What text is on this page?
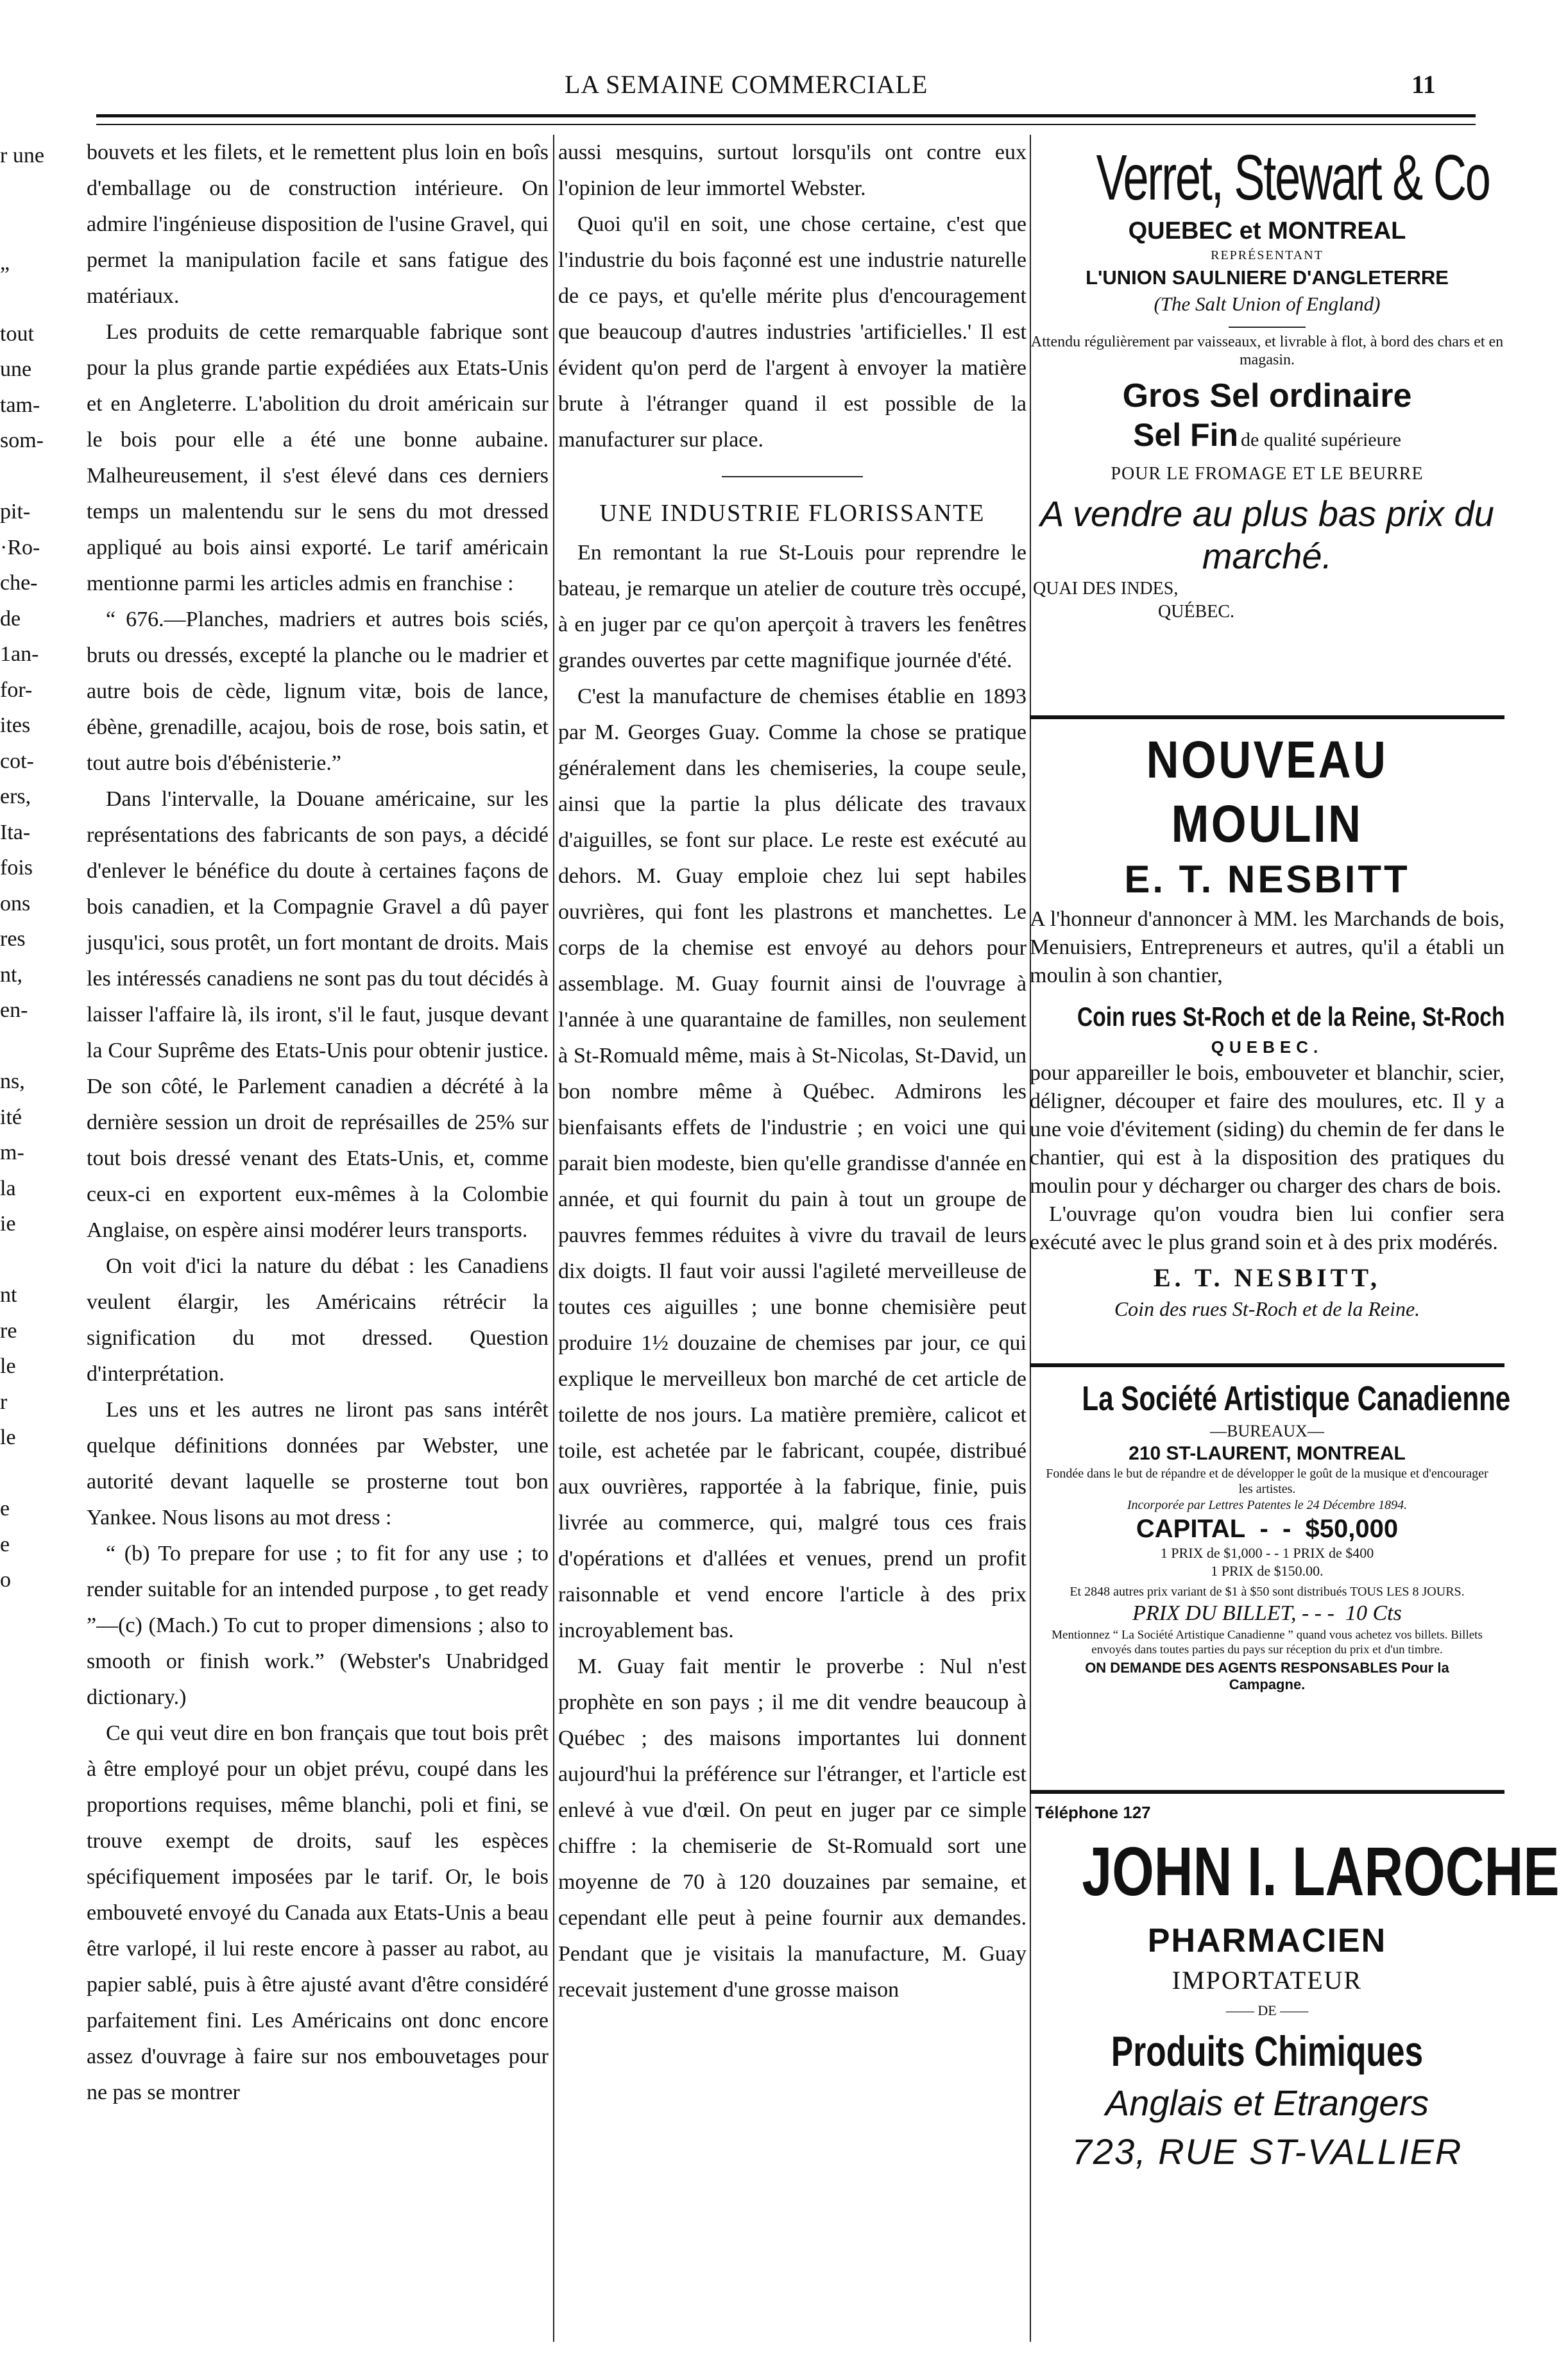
LA SEMAINE COMMERCIALE	11
r une
„
tout
une
tam-
som-
pit-
·Ro-
che-
de
1an-
for-
ites
cot-
ers,
Ita-
fois
ons
res
nt,
en-
ns,
ité
m-
la
ie
nt
re
le
r
le
e
e
o

bouvets et les filets, et le remettent plus loin en boîs d'emballage ou de construction intérieure. On admire l'ingénieuse disposition de l'usine Gravel, qui permet la manipulation facile et sans fatigue des matériaux.

Les produits de cette remarquable fabrique sont pour la plus grande partie expédiées aux Etats-Unis et en Angleterre. L'abolition du droit américain sur le bois pour elle a été une bonne aubaine. Malheureusement, il s'est élevé dans ces derniers temps un malentendu sur le sens du mot dressed appliqué au bois ainsi exporté. Le tarif américain mentionne parmi les articles admis en franchise :

“ 676.—Planches, madriers et autres bois sciés, bruts ou dressés, excepté la planche ou le madrier et autre bois de cède, lignum vitæ, bois de lance, ébène, grenadille, acajou, bois de rose, bois satin, et tout autre bois d'ébénisterie.”

Dans l'intervalle, la Douane américaine, sur les représentations des fabricants de son pays, a décidé d'enlever le bénéfice du doute à certaines façons de bois canadien, et la Compagnie Gravel a dû payer jusqu'ici, sous protêt, un fort montant de droits. Mais les intéressés canadiens ne sont pas du tout décidés à laisser l'affaire là, ils iront, s'il le faut, jusque devant la Cour Suprême des Etats-Unis pour obtenir justice. De son côté, le Parlement canadien a décrété à la dernière session un droit de représailles de 25% sur tout bois dressé venant des Etats-Unis, et, comme ceux-ci en exportent eux-mêmes à la Colombie Anglaise, on espère ainsi modérer leurs transports.

On voit d'ici la nature du débat : les Canadiens veulent élargir, les Américains rétrécir la signification du mot dressed. Question d'interprétation.

Les uns et les autres ne liront pas sans intérêt quelque définitions données par Webster, une autorité devant laquelle se prosterne tout bon Yankee. Nous lisons au mot dress :

“ (b) To prepare for use ; to fit for any use ; to render suitable for an intended purpose , to get ready ”—(c) (Mach.) To cut to proper dimensions ; also to smooth or finish work.” (Webster's Unabridged dictionary.)

Ce qui veut dire en bon français que tout bois prêt à être employé pour un objet prévu, coupé dans les proportions requises, même blanchi, poli et fini, se trouve exempt de droits, sauf les espèces spécifiquement imposées par le tarif. Or, le bois embouveté envoyé du Canada aux Etats-Unis a beau être varlopé, il lui reste encore à passer au rabot, au papier sablé, puis à être ajusté avant d'être considéré parfaitement fini. Les Américains ont donc encore assez d'ouvrage à faire sur nos embouvetages pour ne pas se montrer

aussi mesquins, surtout lorsqu'ils ont contre eux l'opinion de leur immortel Webster.

Quoi qu'il en soit, une chose certaine, c'est que l'industrie du bois façonné est une industrie naturelle de ce pays, et qu'elle mérite plus d'encouragement que beaucoup d'autres industries 'artificielles.' Il est évident qu'on perd de l'argent à envoyer la matière brute à l'étranger quand il est possible de la manufacturer sur place.

UNE INDUSTRIE FLORISSANTE

En remontant la rue St-Louis pour reprendre le bateau, je remarque un atelier de couture très occupé, à en juger par ce qu'on aperçoit à travers les fenêtres grandes ouvertes par cette magnifique journée d'été.

C'est la manufacture de chemises établie en 1893 par M. Georges Guay. Comme la chose se pratique généralement dans les chemiseries, la coupe seule, ainsi que la partie la plus délicate des travaux d'aiguilles, se font sur place. Le reste est exécuté au dehors. M. Guay emploie chez lui sept habiles ouvrières, qui font les plastrons et manchettes. Le corps de la chemise est envoyé au dehors pour assemblage. M. Guay fournit ainsi de l'ouvrage à l'année à une quarantaine de familles, non seulement à St-Romuald même, mais à St-Nicolas, St-David, un bon nombre même à Québec. Admirons les bienfaisants effets de l'industrie ; en voici une qui parait bien modeste, bien qu'elle grandisse d'année en année, et qui fournit du pain à tout un groupe de pauvres femmes réduites à vivre du travail de leurs dix doigts. Il faut voir aussi l'agileté merveilleuse de toutes ces aiguilles ; une bonne chemisière peut produire 1½ douzaine de chemises par jour, ce qui explique le merveilleux bon marché de cet article de toilette de nos jours. La matière première, calicot et toile, est achetée par le fabricant, coupée, distribué aux ouvrières, rapportée à la fabrique, finie, puis livrée au commerce, qui, malgré tous ces frais d'opérations et d'allées et venues, prend un profit raisonnable et vend encore l'article à des prix incroyablement bas.

M. Guay fait mentir le proverbe : Nul n'est prophète en son pays ; il me dit vendre beaucoup à Québec ; des maisons importantes lui donnent aujourd'hui la préférence sur l'étranger, et l'article est enlevé à vue d'œil. On peut en juger par ce simple chiffre : la chemiserie de St-Romuald sort une moyenne de 70 à 120 douzaines par semaine, et cependant elle peut à peine fournir aux demandes. Pendant que je visitais la manufacture, M. Guay recevait justement d'une grosse maison

Verret, Stewart & Co
QUEBEC et MONTREAL
REPRÉSENTANT
L'UNION SAULNIERE D'ANGLETERRE
(The Salt Union of England)
Attendu régulièrement par vaisseaux, et livrable à flot, à bord des chars et en magasin.
Gros Sel ordinaire
Sel Fin de qualité supérieure
POUR LE FROMAGE ET LE BEURRE
A vendre au plus bas prix du marché.
QUAI DES INDES,
QUÉBEC.
NOUVEAU MOULIN
E. T. NESBITT

A l'honneur d'annoncer à MM. les Marchands de bois, Menuisiers, Entrepreneurs et autres, qu'il a établi un moulin à son chantier,

Coin rues St-Roch et de la Reine, St-Roch
QUEBEC.

pour appareiller le bois, embouveter et blanchir, scier, déligner, découper et faire des moulures, etc. Il y a une voie d'évitement (siding) du chemin de fer dans le chantier, qui est à la disposition des pratiques du moulin pour y décharger ou charger des chars de bois.

L'ouvrage qu'on voudra bien lui confier sera exécuté avec le plus grand soin et à des prix modérés.

E. T. NESBITT,
Coin des rues St-Roch et de la Reine.
La Société Artistique Canadienne
—BUREAUX—
210 ST-LAURENT, MONTREAL
Fondée dans le but de répandre et de développer le goût de la musique et d'encourager les artistes.
Incorporée par Lettres Patentes le 24 Décembre 1894.
CAPITAL  -  -  $50,000
1 PRIX de $1,000 - - 1 PRIX de $400
1 PRIX de $150.00.
Et 2848 autres prix variant de $1 à $50 sont distribués TOUS LES 8 JOURS.
PRIX DU BILLET, - - -  10 Cts
Mentionnez “ La Société Artistique Canadienne ” quand vous achetez vos billets. Billets envoyés dans toutes parties du pays sur réception du prix et d'un timbre.
ON DEMANDE DES AGENTS RESPONSABLES Pour la Campagne.
Téléphone 127
JOHN I. LAROCHE
PHARMACIEN
IMPORTATEUR
—— DE ——
Produits Chimiques
Anglais et Etrangers
723, RUE ST-VALLIER
